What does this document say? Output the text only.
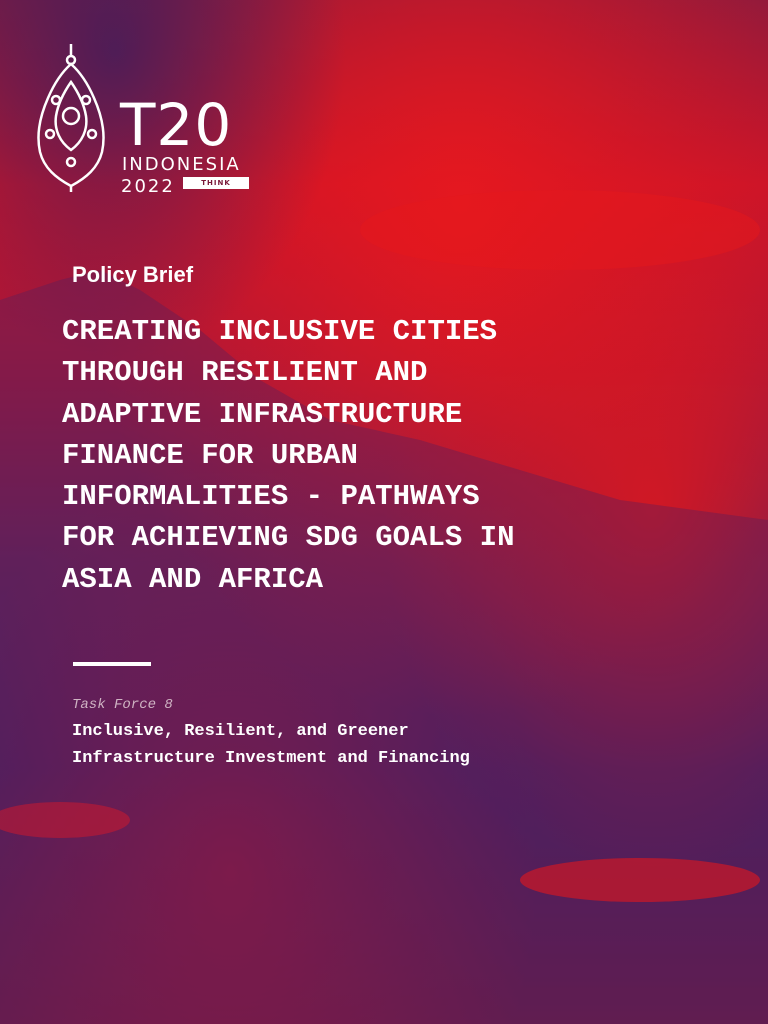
T20
INDONESIA
2022	THINK
Policy Brief
CREATING INCLUSIVE CITIES
THROUGH RESILIENT AND
ADAPTIVE INFRASTRUCTURE
FINANCE FOR URBAN
INFORMALITIES - PATHWAYS
FOR ACHIEVING SDG GOALS IN
ASIA AND AFRICA
Task Force 8

Inclusive, Resilient, and Greener
Infrastructure Investment and Financing
